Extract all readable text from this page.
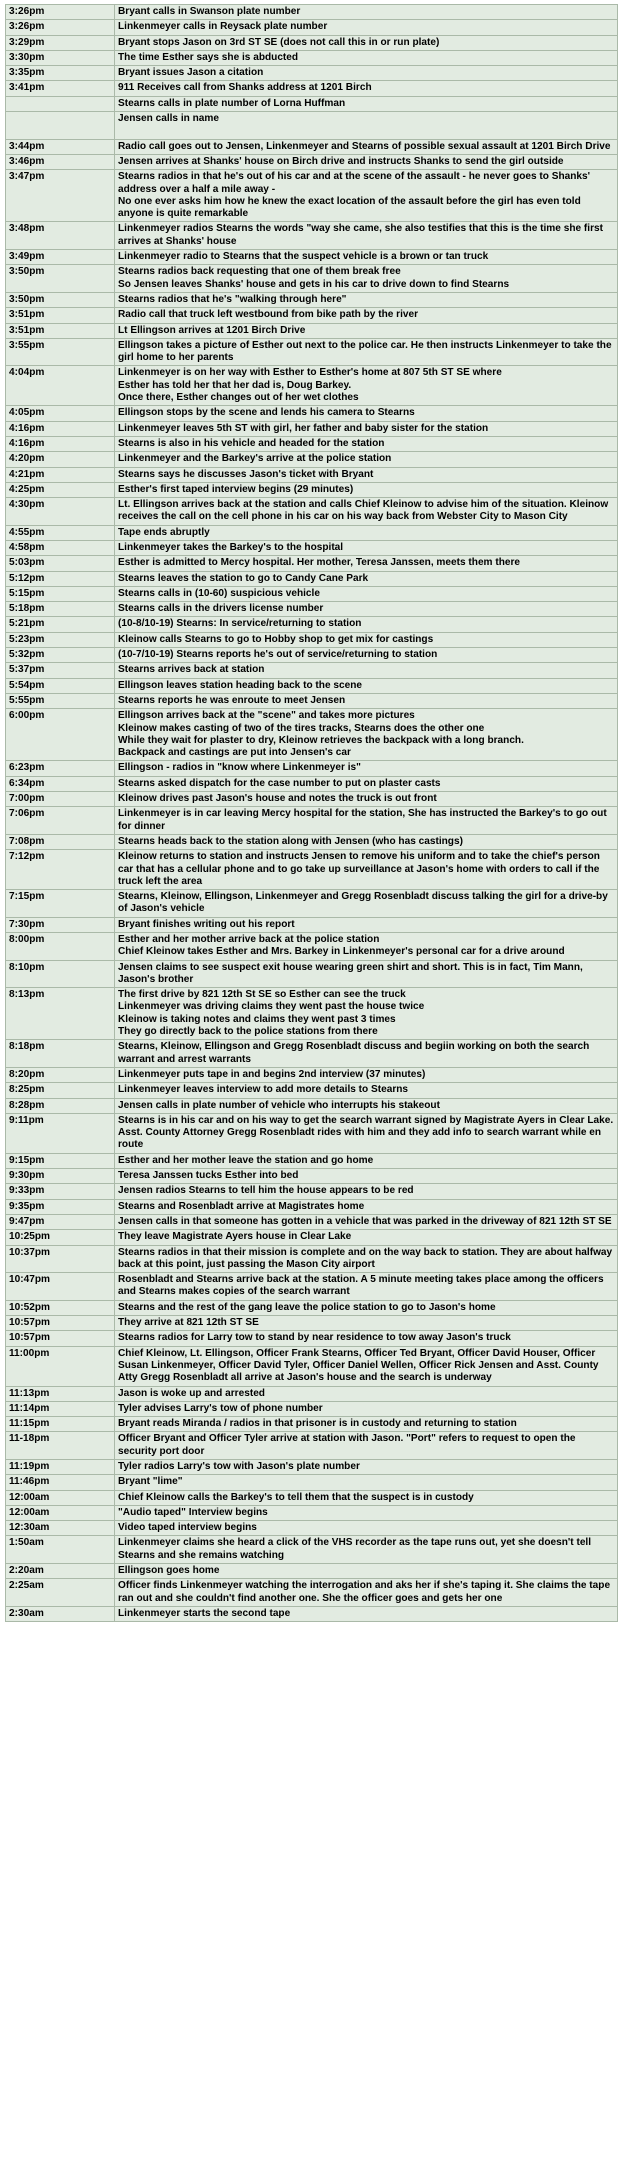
3:26pm	Bryant calls in Swanson plate number

3:26pm	Linkenmeyer calls in Reysack plate number

3:29pm	Bryant stops Jason on 3rd ST SE (does not call this in or run plate)

3:30pm	The time Esther says she is abducted

3:35pm	Bryant issues Jason a citation

3:41pm	911 Receives call from Shanks address at 1201 Birch

	Stearns calls in plate number of Lorna Huffman

	Jensen calls in name

3:44pm	Radio call goes out to Jensen, Linkenmeyer and Stearns of possible sexual assault at 1201 Birch Drive

3:46pm	Jensen arrives at Shanks' house on Birch drive and instructs Shanks to send the girl outside

3:47pm	Stearns radios in that he's out of his car and at the scene of the assault - he never goes to Shanks' address over a half a mile away -
No one ever asks him how he knew the exact location of the assault before the girl has even told anyone is quite remarkable

3:48pm	Linkenmeyer radios Stearns the words "way she came, she also testifies that this is the time she first arrives at Shanks' house

3:49pm	Linkenmeyer radio to Stearns that the suspect vehicle is a brown or tan truck

3:50pm	Stearns radios back requesting that one of them break free
So Jensen leaves Shanks' house and gets in his car to drive down to find Stearns

3:50pm	Stearns radios that he's "walking through here"

3:51pm	Radio call that truck left westbound from bike path by the river

3:51pm	Lt Ellingson arrives at 1201 Birch Drive

3:55pm	Ellingson takes a picture of Esther out next to the police car. He then instructs Linkenmeyer to take the girl home to her parents

4:04pm	Linkenmeyer is on her way with Esther to Esther's home at 807 5th ST SE where
Esther has told her that her dad is, Doug Barkey.
Once there, Esther changes out of her wet clothes

4:05pm	Ellingson stops by the scene and lends his camera to Stearns

4:16pm	Linkenmeyer leaves 5th ST with girl, her father and baby sister for the station

4:16pm	Stearns is also in his vehicle and headed for the station

4:20pm	Linkenmeyer and the Barkey's arrive at the police station

4:21pm	Stearns says he discusses Jason's ticket with Bryant

4:25pm	Esther's first taped interview begins (29 minutes)

4:30pm	Lt. Ellingson arrives back at the station and calls Chief Kleinow to advise him of the situation. Kleinow receives the call on the cell phone in his car on his way back from Webster City to Mason City

4:55pm	Tape ends abruptly

4:58pm	Linkenmeyer takes the Barkey's to the hospital

5:03pm	Esther is admitted to Mercy hospital. Her mother, Teresa Janssen, meets them there

5:12pm	Stearns leaves the station to go to Candy Cane Park

5:15pm	Stearns calls in (10-60) suspicious vehicle

5:18pm	Stearns calls in the drivers license number

5:21pm	(10-8/10-19) Stearns: In service/returning to station

5:23pm	Kleinow calls Stearns to go to Hobby shop to get mix for castings

5:32pm	(10-7/10-19) Stearns reports he's out of service/returning to station

5:37pm	Stearns arrives back at station

5:54pm	Ellingson leaves station heading back to the scene

5:55pm	Stearns reports he was enroute to meet Jensen

6:00pm	Ellingson arrives back at the "scene" and takes more pictures
Kleinow makes casting of two of the tires tracks, Stearns does the other one
While they wait for plaster to dry, Kleinow retrieves the backpack with a long branch.
Backpack and castings are put into Jensen's car

6:23pm	Ellingson - radios in "know where Linkenmeyer is"

6:34pm	Stearns asked dispatch for the case number to put on plaster casts

7:00pm	Kleinow drives past Jason's house and notes the truck is out front

7:06pm	Linkenmeyer is in car leaving Mercy hospital for the station, She has instructed the Barkey's to go out for dinner

7:08pm	Stearns heads back to the station along with Jensen (who has castings)

7:12pm	Kleinow returns to station and instructs Jensen to remove his uniform and to take the chief's person car that has a cellular phone and to go take up surveillance at Jason's home with orders to call if the truck left the area

7:15pm	Stearns, Kleinow, Ellingson, Linkenmeyer and Gregg Rosenbladt discuss talking the girl for a drive-by of Jason's vehicle

7:30pm	Bryant finishes writing out his report

8:00pm	Esther and her mother arrive back at the police station
Chief Kleinow takes Esther and Mrs. Barkey in Linkenmeyer's personal car for a drive around

8:10pm	Jensen claims to see suspect exit house wearing green shirt and short. This is in fact, Tim Mann, Jason's brother

8:13pm	The first drive by 821 12th St SE so Esther can see the truck
Linkenmeyer was driving claims they went past the house twice
Kleinow is taking notes and claims they went past 3 times
They go directly back to the police stations from there

8:18pm	Stearns, Kleinow, Ellingson and Gregg Rosenbladt discuss and begiin working on both the search warrant and arrest warrants

8:20pm	Linkenmeyer puts tape in and begins 2nd interview (37 minutes)

8:25pm	Linkenmeyer leaves interview to add more details to Stearns

8:28pm	Jensen calls in plate number of vehicle who interrupts his stakeout

9:11pm	Stearns is in his car and on his way to get the search warrant signed by Magistrate Ayers in Clear Lake. Asst. County Attorney Gregg Rosenbladt rides with him and they add info to search warrant while en route

9:15pm	Esther and her mother leave the station and go home

9:30pm	Teresa Janssen tucks Esther into bed

9:33pm	Jensen radios Stearns to tell him the house appears to be red

9:35pm	Stearns and Rosenbladt arrive at Magistrates home

9:47pm	Jensen calls in that someone has gotten in a vehicle that was parked in the driveway of 821 12th ST SE

10:25pm	They leave Magistrate Ayers house in Clear Lake

10:37pm	Stearns radios in that their mission is complete and on the way back to station. They are about halfway back at this point, just passing the Mason City airport

10:47pm	Rosenbladt and Stearns arrive back at the station. A 5 minute meeting takes place among the officers and Stearns makes copies of the search warrant

10:52pm	Stearns and the rest of the gang leave the police station to go to Jason's home

10:57pm	They arrive at 821 12th ST SE

10:57pm	Stearns radios for Larry tow to stand by near residence to tow away Jason's truck

11:00pm	Chief Kleinow, Lt. Ellingson, Officer Frank Stearns, Officer Ted Bryant, Officer David Houser, Officer Susan Linkenmeyer, Officer David Tyler, Officer Daniel Wellen, Officer Rick Jensen and Asst. County Atty Gregg Rosenbladt all arrive at Jason's house and the search is underway

11:13pm	Jason is woke up and arrested

11:14pm	Tyler advises Larry's tow of phone number

11:15pm	Bryant reads Miranda / radios in that prisoner is in custody and returning to station

11-18pm	Officer Bryant and Officer Tyler arrive at station with Jason. "Port" refers to request to open the security port door

11:19pm	Tyler radios Larry's tow with Jason's plate number

11:46pm	Bryant "lime"

12:00am	Chief Kleinow calls the Barkey's to tell them that the suspect is in custody

12:00am	"Audio taped" Interview begins

12:30am	Video taped interview begins

1:50am	Linkenmeyer claims she heard a click of the VHS recorder as the tape runs out, yet she doesn't tell Stearns and she remains watching

2:20am	Ellingson goes home

2:25am	Officer finds Linkenmeyer watching the interrogation and aks her if she's taping it. She claims the tape ran out and she couldn't find another one. She the officer goes and gets her one

2:30am	Linkenmeyer starts the second tape
